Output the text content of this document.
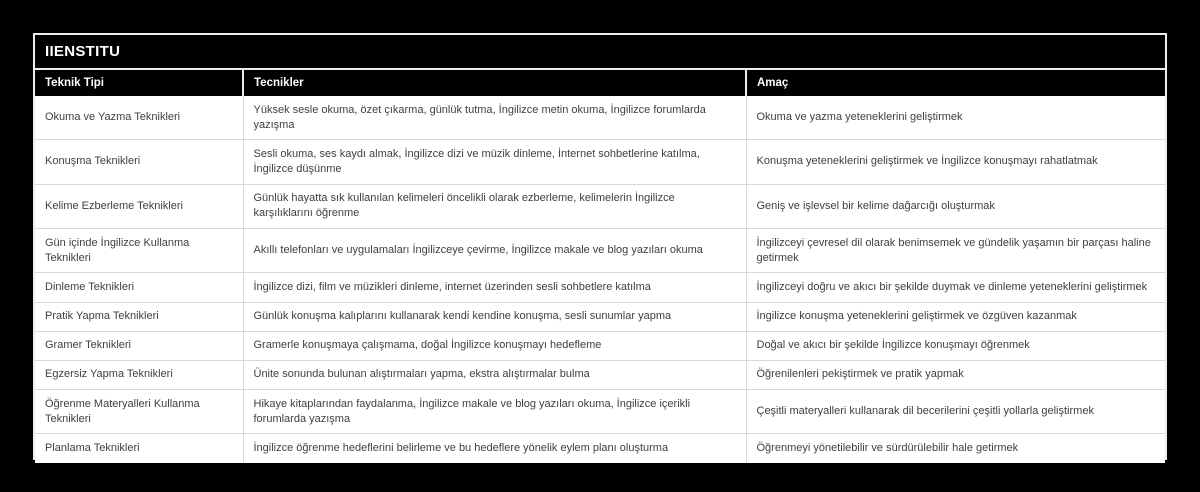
IIENSTITU
Teknik Tipi	Tecnikler	Amaç
Okuma ve Yazma Teknikleri	Yüksek sesle okuma, özet çıkarma, günlük tutma, İngilizce metin okuma, İngilizce forumlarda yazışma	Okuma ve yazma yeteneklerini geliştirmek
Konuşma Teknikleri	Sesli okuma, ses kaydı almak, İngilizce dizi ve müzik dinleme, İnternet sohbetlerine katılma, İngilizce düşünme	Konuşma yeteneklerini geliştirmek ve İngilizce konuşmayı rahatlatmak
Kelime Ezberleme Teknikleri	Günlük hayatta sık kullanılan kelimeleri öncelikli olarak ezberleme, kelimelerin İngilizce karşılıklarını öğrenme	Geniş ve işlevsel bir kelime dağarcığı oluşturmak
Gün içinde İngilizce Kullanma Teknikleri	Akıllı telefonları ve uygulamaları İngilizceye çevirme, İngilizce makale ve blog yazıları okuma	İngilizceyi çevresel dil olarak benimsemek ve gündelik yaşamın bir parçası haline getirmek
Dinleme Teknikleri	İngilizce dizi, film ve müzikleri dinleme, internet üzerinden sesli sohbetlere katılma	İngilizceyi doğru ve akıcı bir şekilde duymak ve dinleme yeteneklerini geliştirmek
Pratik Yapma Teknikleri	Günlük konuşma kalıplarını kullanarak kendi kendine konuşma, sesli sunumlar yapma	İngilizce konuşma yeteneklerini geliştirmek ve özgüven kazanmak
Gramer Teknikleri	Gramerle konuşmaya çalışmama, doğal İngilizce konuşmayı hedefleme	Doğal ve akıcı bir şekilde İngilizce konuşmayı öğrenmek
Egzersiz Yapma Teknikleri	Ünite sonunda bulunan alıştırmaları yapma, ekstra alıştırmalar bulma	Öğrenilenleri pekiştirmek ve pratik yapmak
Öğrenme Materyalleri Kullanma Teknikleri	Hikaye kitaplarından faydalanma, İngilizce makale ve blog yazıları okuma, İngilizce içerikli forumlarda yazışma	Çeşitli materyalleri kullanarak dil becerilerini çeşitli yollarla geliştirmek
Planlama Teknikleri	İngilizce öğrenme hedeflerini belirleme ve bu hedeflere yönelik eylem planı oluşturma	Öğrenmeyi yönetilebilir ve sürdürülebilir hale getirmek
